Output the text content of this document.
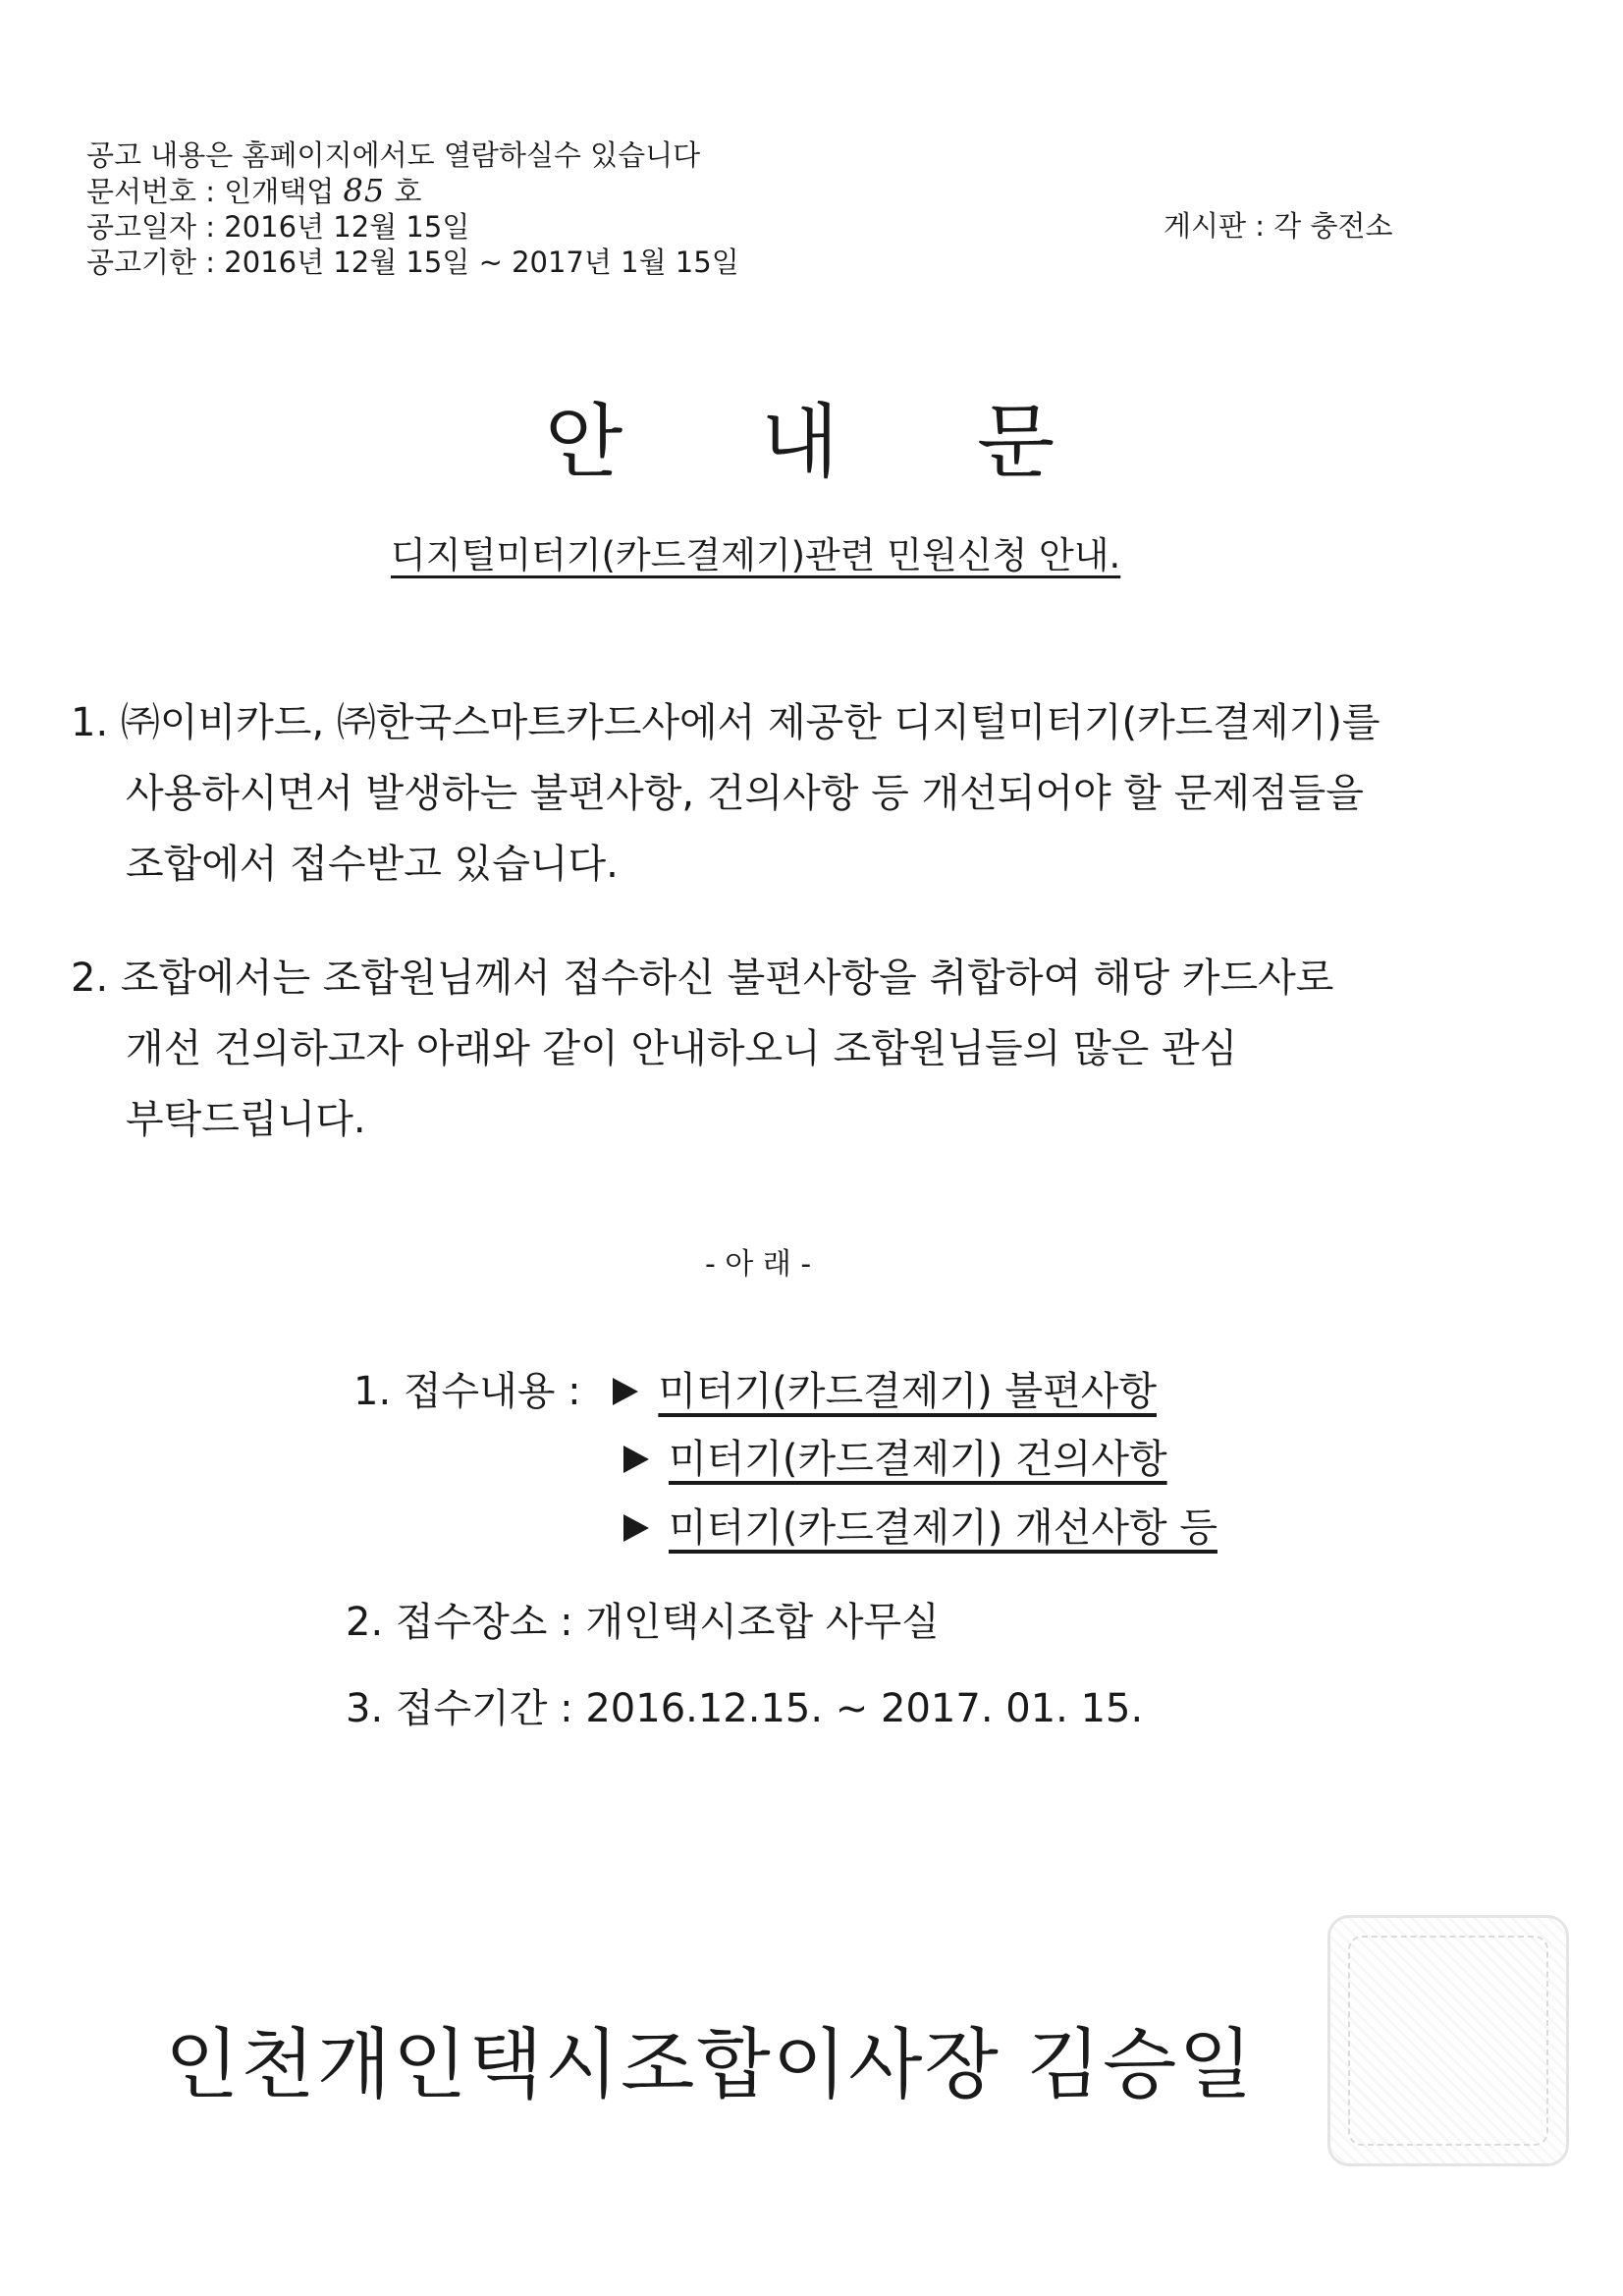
공고 내용은 홈페이지에서도 열람하실수 있습니다
문서번호 : 인개택업 85 호
공고일자 : 2016년 12월 15일
공고기한 : 2016년 12월 15일 ~ 2017년 1월 15일
게시판 : 각 충전소
안 내 문
디지털미터기(카드결제기)관련 민원신청 안내.
1. ㈜이비카드, ㈜한국스마트카드사에서 제공한 디지털미터기(카드결제기)를
사용하시면서 발생하는 불편사항, 건의사항 등 개선되어야 할 문제점들을
조합에서 접수받고 있습니다.
2. 조합에서는 조합원님께서 접수하신 불편사항을 취합하여 해당 카드사로
개선 건의하고자 아래와 같이 안내하오니 조합원님들의 많은 관심
부탁드립니다.
- 아 래 -
1. 접수내용 : 미터기(카드결제기) 불편사항
미터기(카드결제기) 건의사항
미터기(카드결제기) 개선사항 등
2. 접수장소 : 개인택시조합 사무실
3. 접수기간 : 2016.12.15. ~ 2017. 01. 15.
인천개인택시조합이사장 김승일
